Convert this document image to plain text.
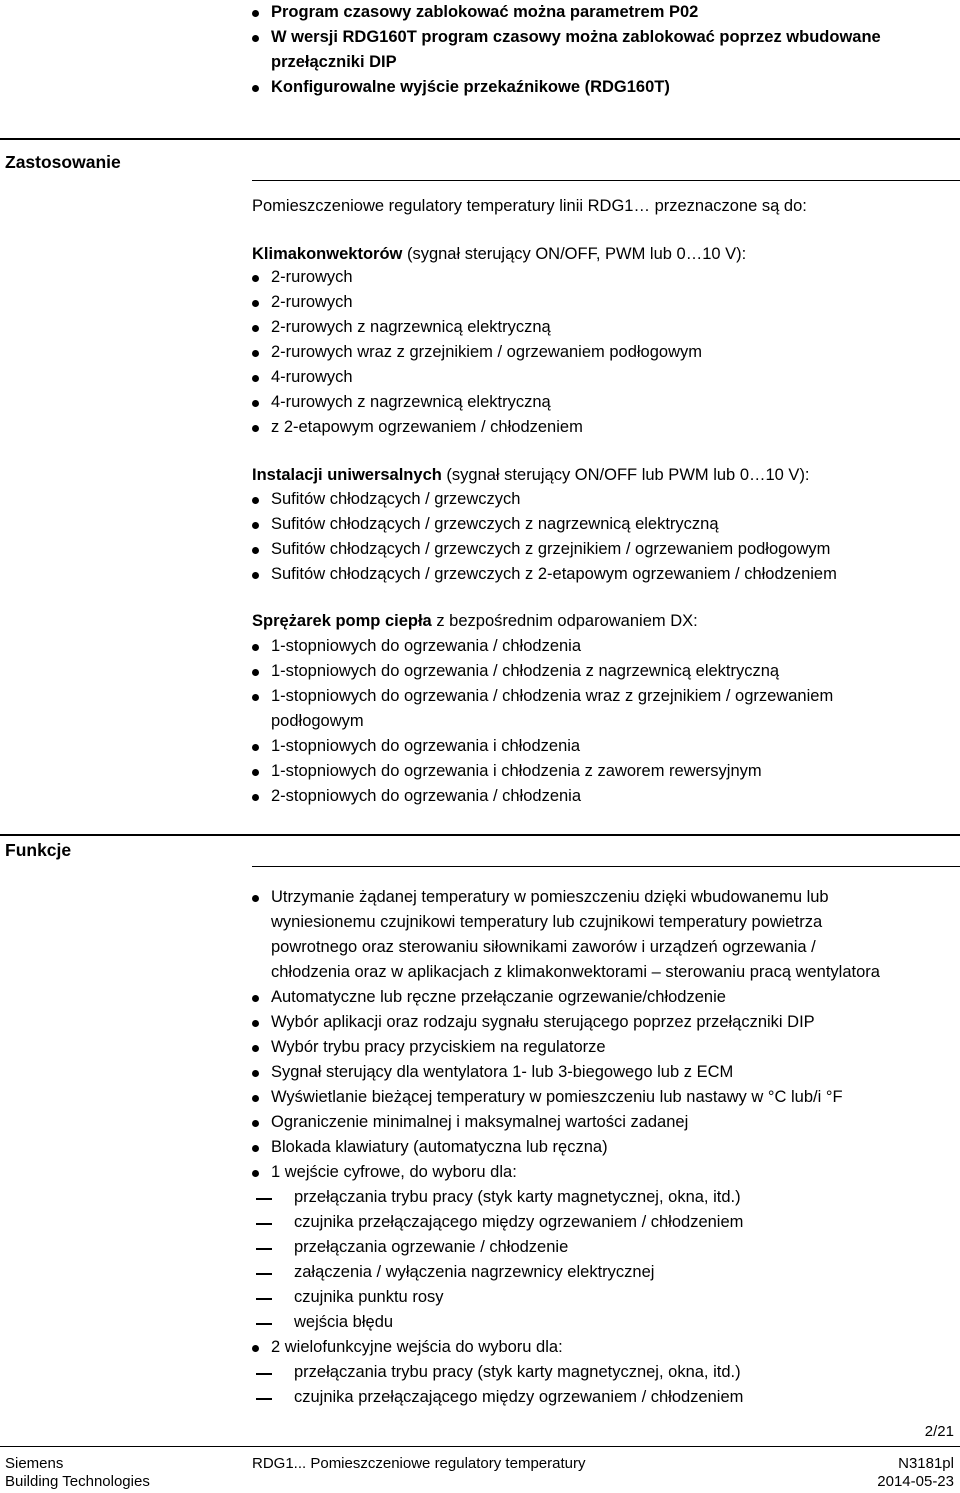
Program czasowy zablokować można parametrem P02
W wersji RDG160T program czasowy można zablokować poprzez wbudowane
przełączniki DIP
Konfigurowalne wyjście przekaźnikowe (RDG160T)
Zastosowanie
Pomieszczeniowe regulatory temperatury linii RDG1… przeznaczone są do:
Klimakonwektorów (sygnał sterujący ON/OFF, PWM lub 0…10 V):
2-rurowych
2-rurowych
2-rurowych z nagrzewnicą elektryczną
2-rurowych wraz z grzejnikiem / ogrzewaniem podłogowym
4-rurowych
4-rurowych z nagrzewnicą elektryczną
z 2-etapowym ogrzewaniem / chłodzeniem
Instalacji uniwersalnych (sygnał sterujący ON/OFF lub PWM lub 0…10 V):
Sufitów chłodzących / grzewczych
Sufitów chłodzących / grzewczych z nagrzewnicą elektryczną
Sufitów chłodzących / grzewczych z grzejnikiem / ogrzewaniem podłogowym
Sufitów chłodzących / grzewczych z 2-etapowym ogrzewaniem / chłodzeniem
Sprężarek pomp ciepła z bezpośrednim odparowaniem DX:
1-stopniowych do ogrzewania / chłodzenia
1-stopniowych do ogrzewania / chłodzenia z nagrzewnicą elektryczną
1-stopniowych do ogrzewania / chłodzenia wraz z grzejnikiem / ogrzewaniem
podłogowym
1-stopniowych do ogrzewania i chłodzenia
1-stopniowych do ogrzewania i chłodzenia z zaworem rewersyjnym
2-stopniowych do ogrzewania / chłodzenia
Funkcje
Utrzymanie żądanej temperatury w pomieszczeniu dzięki wbudowanemu lub
wyniesionemu czujnikowi temperatury lub czujnikowi temperatury powietrza
powrotnego oraz sterowaniu siłownikami zaworów i urządzeń ogrzewania /
chłodzenia oraz w aplikacjach z klimakonwektorami – sterowaniu pracą wentylatora
Automatyczne lub ręczne przełączanie ogrzewanie/chłodzenie
Wybór aplikacji oraz rodzaju sygnału sterującego poprzez przełączniki DIP
Wybór trybu pracy przyciskiem na regulatorze
Sygnał sterujący dla wentylatora 1- lub 3-biegowego lub z ECM
Wyświetlanie bieżącej temperatury w pomieszczeniu lub nastawy w °C lub/i °F
Ograniczenie minimalnej i maksymalnej wartości zadanej
Blokada klawiatury (automatyczna lub ręczna)
1 wejście cyfrowe, do wyboru dla:
przełączania trybu pracy (styk karty magnetycznej, okna, itd.)
czujnika przełączającego między ogrzewaniem / chłodzeniem
przełączania ogrzewanie / chłodzenie
załączenia / wyłączenia nagrzewnicy elektrycznej
czujnika punktu rosy
wejścia błędu
2 wielofunkcyjne wejścia do wyboru dla:
przełączania trybu pracy (styk karty magnetycznej, okna, itd.)
czujnika przełączającego między ogrzewaniem / chłodzeniem
2/21
Siemens
Building Technologies
RDG1... Pomieszczeniowe regulatory temperatury	N3181pl
2014-05-23
